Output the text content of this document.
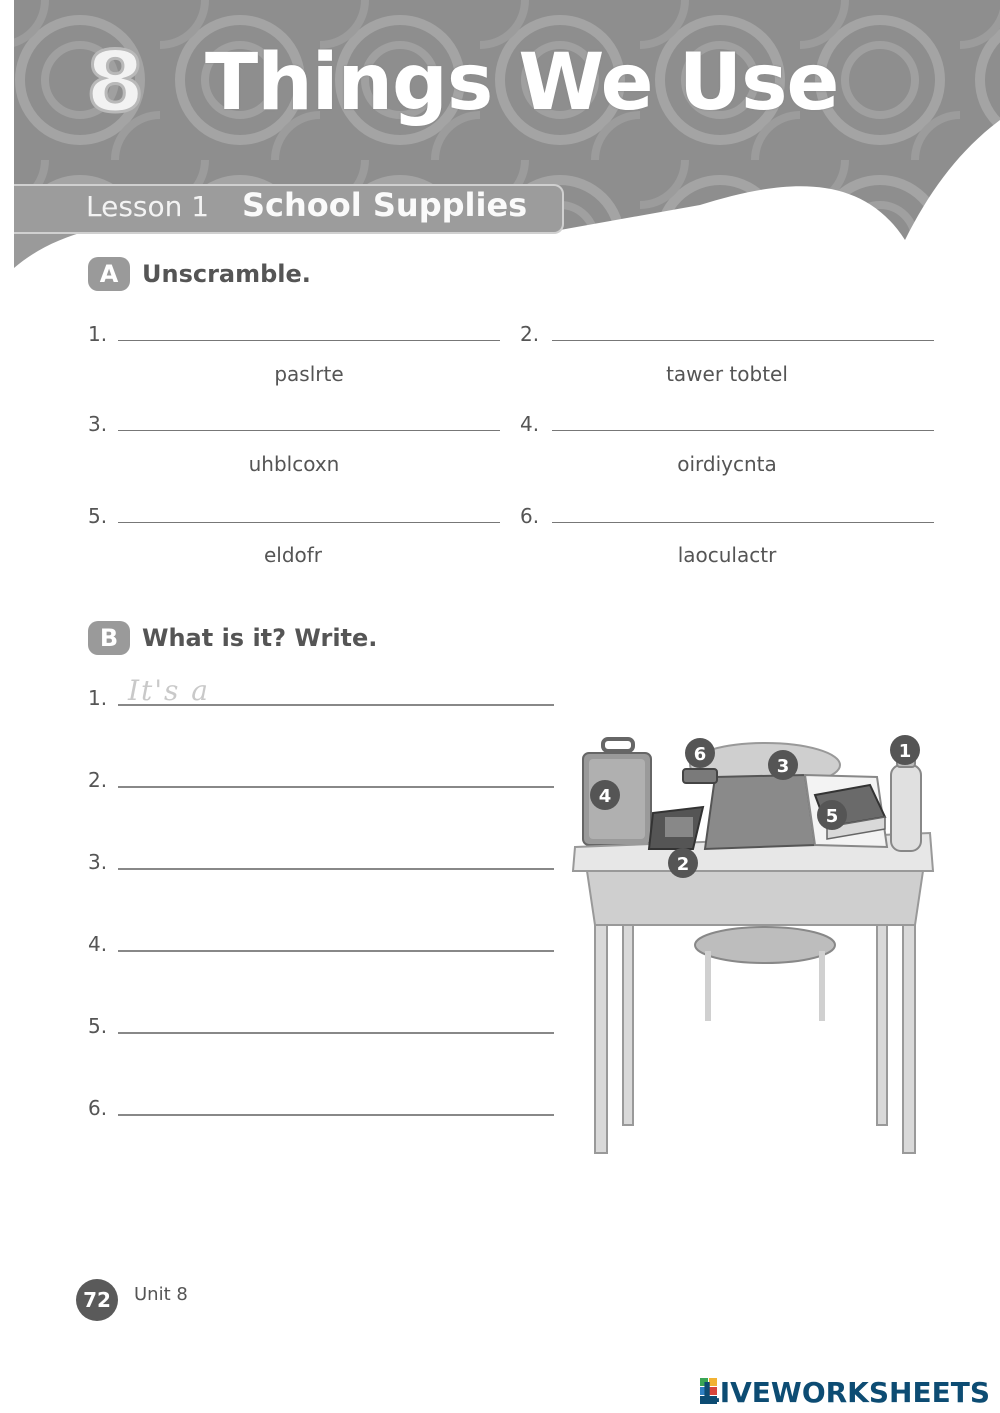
8 Things We Use
Lesson 1 School Supplies
A Unscramble.
1.
paslrte
2.
tawer tobtel
3.
uhblcoxn
4.
oirdiycnta
5.
eldofr
6.
laoculactr
B What is it? Write.
1. It's a
2.
3.
4.
5.
6.
1
2
3
4
5
6
72	Unit 8
LIVEWORKSHEETS
